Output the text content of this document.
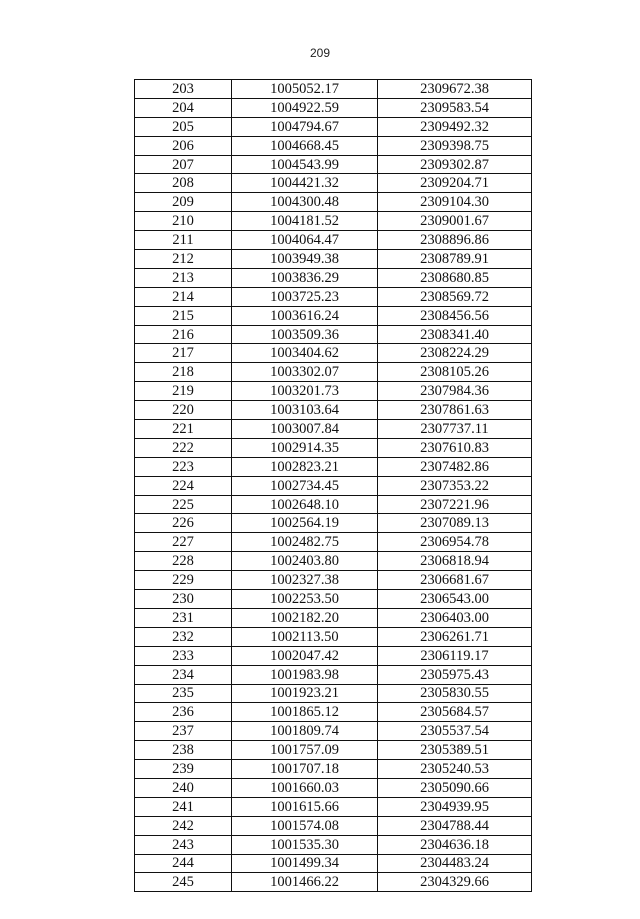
209
203	1005052.17	2309672.38
204	1004922.59	2309583.54
205	1004794.67	2309492.32
206	1004668.45	2309398.75
207	1004543.99	2309302.87
208	1004421.32	2309204.71
209	1004300.48	2309104.30
210	1004181.52	2309001.67
211	1004064.47	2308896.86
212	1003949.38	2308789.91
213	1003836.29	2308680.85
214	1003725.23	2308569.72
215	1003616.24	2308456.56
216	1003509.36	2308341.40
217	1003404.62	2308224.29
218	1003302.07	2308105.26
219	1003201.73	2307984.36
220	1003103.64	2307861.63
221	1003007.84	2307737.11
222	1002914.35	2307610.83
223	1002823.21	2307482.86
224	1002734.45	2307353.22
225	1002648.10	2307221.96
226	1002564.19	2307089.13
227	1002482.75	2306954.78
228	1002403.80	2306818.94
229	1002327.38	2306681.67
230	1002253.50	2306543.00
231	1002182.20	2306403.00
232	1002113.50	2306261.71
233	1002047.42	2306119.17
234	1001983.98	2305975.43
235	1001923.21	2305830.55
236	1001865.12	2305684.57
237	1001809.74	2305537.54
238	1001757.09	2305389.51
239	1001707.18	2305240.53
240	1001660.03	2305090.66
241	1001615.66	2304939.95
242	1001574.08	2304788.44
243	1001535.30	2304636.18
244	1001499.34	2304483.24
245	1001466.22	2304329.66
